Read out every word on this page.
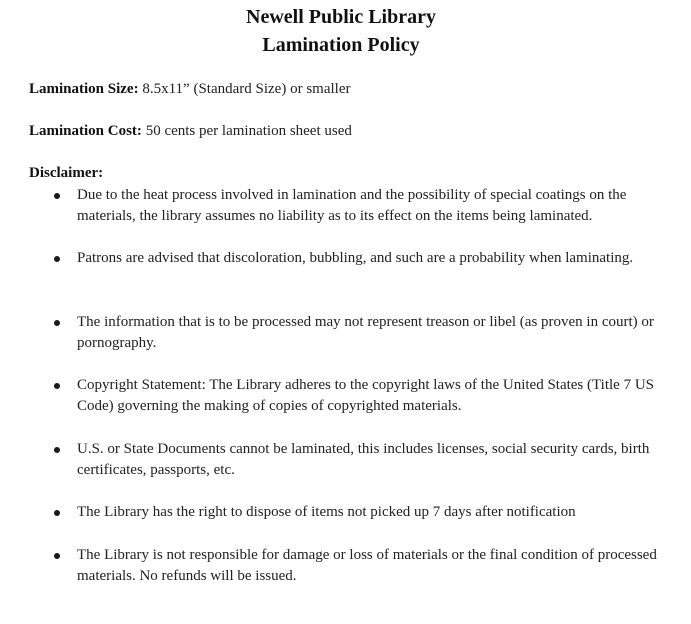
Newell Public Library
Lamination Policy
Lamination Size: 8.5x11” (Standard Size) or smaller
Lamination Cost: 50 cents per lamination sheet used
Disclaimer:
Due to the heat process involved in lamination and the possibility of special coatings on the materials, the library assumes no liability as to its effect on the items being laminated.
Patrons are advised that discoloration, bubbling, and such are a probability when laminating.
The information that is to be processed may not represent treason or libel (as proven in court) or pornography.
Copyright Statement: The Library adheres to the copyright laws of the United States (Title 7 US Code) governing the making of copies of copyrighted materials.
U.S. or State Documents cannot be laminated, this includes licenses, social security cards, birth certificates, passports, etc.
The Library has the right to dispose of items not picked up 7 days after notification
The Library is not responsible for damage or loss of materials or the final condition of processed materials. No refunds will be issued.
